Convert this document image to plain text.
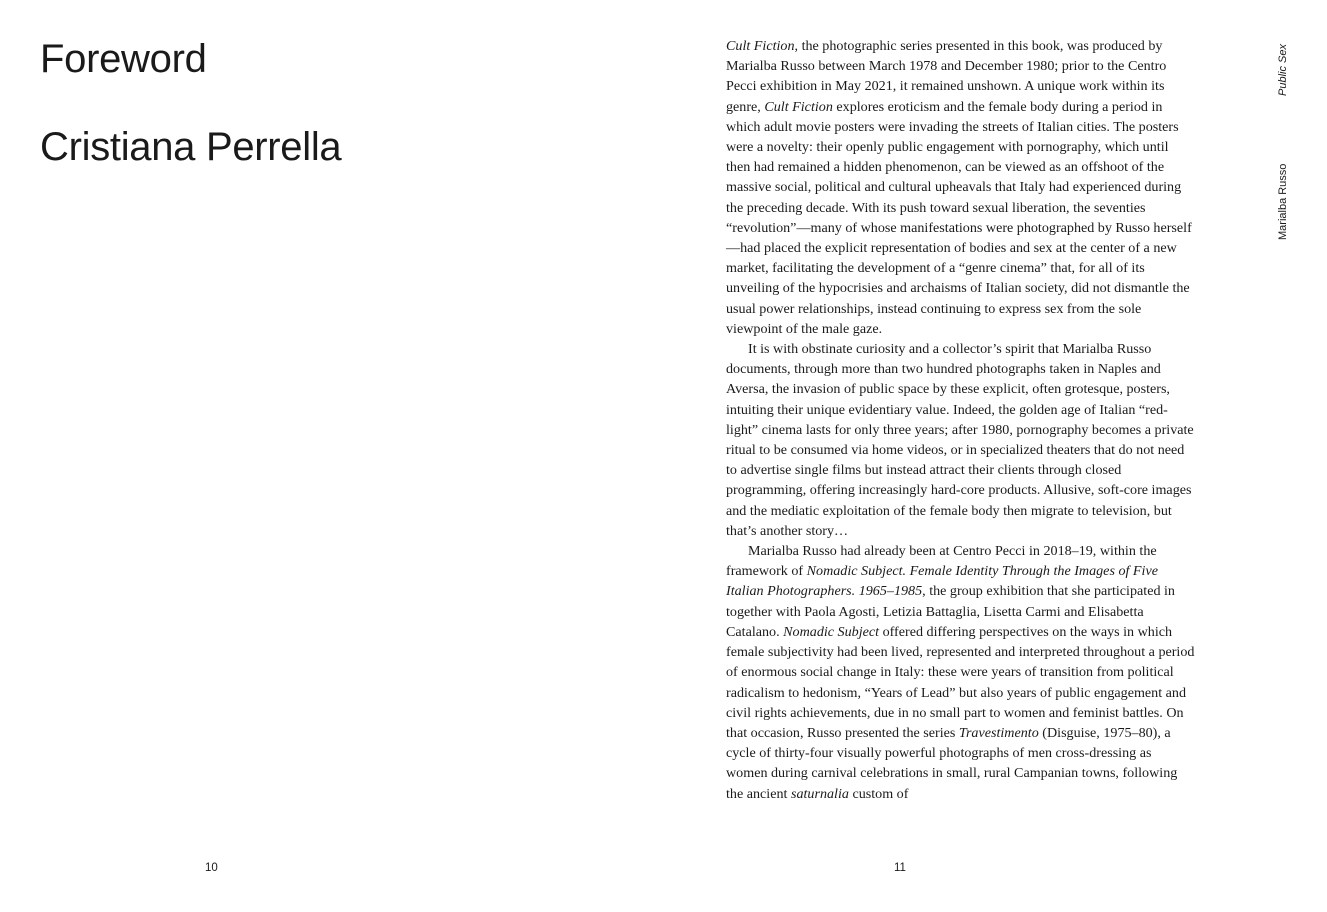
Foreword
Cristiana Perrella
10

Cult Fiction, the photographic series presented in this book, was produced by Marialba Russo between March 1978 and December 1980; prior to the Centro Pecci exhibition in May 2021, it remained unshown. A unique work within its genre, Cult Fiction explores eroticism and the female body during a period in which adult movie posters were invading the streets of Italian cities. The posters were a novelty: their openly public engagement with pornography, which until then had remained a hidden phenomenon, can be viewed as an offshoot of the massive social, political and cultural upheavals that Italy had experienced during the preceding decade. With its push toward sexual liberation, the seventies “revolution”—many of whose manifestations were photographed by Russo herself—had placed the explicit representation of bodies and sex at the center of a new market, facilitating the development of a “genre cinema” that, for all of its unveiling of the hypocrisies and archaisms of Italian society, did not dismantle the usual power relationships, instead continuing to express sex from the sole viewpoint of the male gaze.

It is with obstinate curiosity and a collector’s spirit that Marialba Russo documents, through more than two hundred photographs taken in Naples and Aversa, the invasion of public space by these explicit, often grotesque, posters, intuiting their unique evidentiary value. Indeed, the golden age of Italian “red-light” cinema lasts for only three years; after 1980, pornography becomes a private ritual to be consumed via home videos, or in specialized theaters that do not need to advertise single films but instead attract their clients through closed programming, offering increasingly hard-core products. Allusive, soft-core images and the mediatic exploitation of the female body then migrate to television, but that’s another story…

Marialba Russo had already been at Centro Pecci in 2018–19, within the framework of Nomadic Subject. Female Identity Through the Images of Five Italian Photographers. 1965–1985, the group exhibition that she participated in together with Paola Agosti, Letizia Battaglia, Lisetta Carmi and Elisabetta Catalano. Nomadic Subject offered differing perspectives on the ways in which female subjectivity had been lived, represented and interpreted throughout a period of enormous social change in Italy: these were years of transition from political radicalism to hedonism, “Years of Lead” but also years of public engagement and civil rights achievements, due in no small part to women and feminist battles. On that occasion, Russo presented the series Travestimento (Disguise, 1975–80), a cycle of thirty-four visually powerful photographs of men cross-dressing as women during carnival celebrations in small, rural Campanian towns, following the ancient saturnalia custom of

11
Public Sex
Marialba Russo
